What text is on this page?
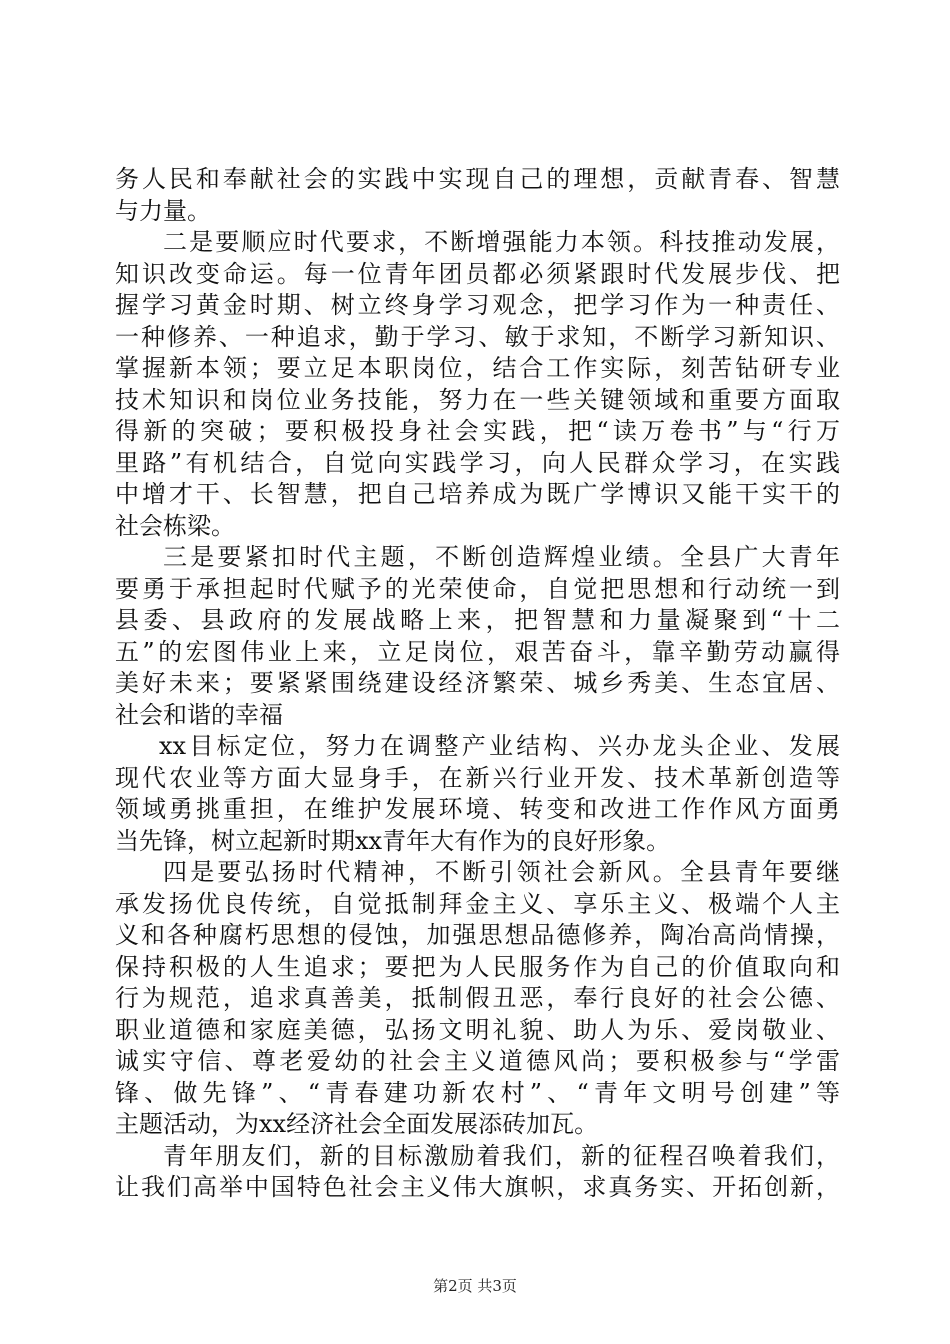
务人民和奉献社会的实践中实现自己的理想，贡献青春、智慧
与力量。
二是要顺应时代要求，不断增强能力本领。科技推动发展，
知识改变命运。每一位青年团员都必须紧跟时代发展步伐、把
握学习黄金时期、树立终身学习观念，把学习作为一种责任、
一种修养、一种追求，勤于学习、敏于求知，不断学习新知识、
掌握新本领；要立足本职岗位，结合工作实际，刻苦钻研专业
技术知识和岗位业务技能，努力在一些关键领域和重要方面取
得新的突破；要积极投身社会实践，把“读万卷书”与“行万
里路”有机结合，自觉向实践学习，向人民群众学习，在实践
中增才干、长智慧，把自己培养成为既广学博识又能干实干的
社会栋梁。
三是要紧扣时代主题，不断创造辉煌业绩。全县广大青年
要勇于承担起时代赋予的光荣使命，自觉把思想和行动统一到
县委、县政府的发展战略上来，把智慧和力量凝聚到“十二
五”的宏图伟业上来，立足岗位，艰苦奋斗，靠辛勤劳动赢得
美好未来；要紧紧围绕建设经济繁荣、城乡秀美、生态宜居、
社会和谐的幸福
xx目标定位，努力在调整产业结构、兴办龙头企业、发展
现代农业等方面大显身手，在新兴行业开发、技术革新创造等
领域勇挑重担，在维护发展环境、转变和改进工作作风方面勇
当先锋，树立起新时期xx青年大有作为的良好形象。
四是要弘扬时代精神，不断引领社会新风。全县青年要继
承发扬优良传统，自觉抵制拜金主义、享乐主义、极端个人主
义和各种腐朽思想的侵蚀，加强思想品德修养，陶冶高尚情操，
保持积极的人生追求；要把为人民服务作为自己的价值取向和
行为规范，追求真善美，抵制假丑恶，奉行良好的社会公德、
职业道德和家庭美德，弘扬文明礼貌、助人为乐、爱岗敬业、
诚实守信、尊老爱幼的社会主义道德风尚；要积极参与“学雷
锋、做先锋”、“青春建功新农村”、“青年文明号创建”等
主题活动，为xx经济社会全面发展添砖加瓦。
青年朋友们，新的目标激励着我们，新的征程召唤着我们，
让我们高举中国特色社会主义伟大旗帜，求真务实、开拓创新，
第2页 共3页
